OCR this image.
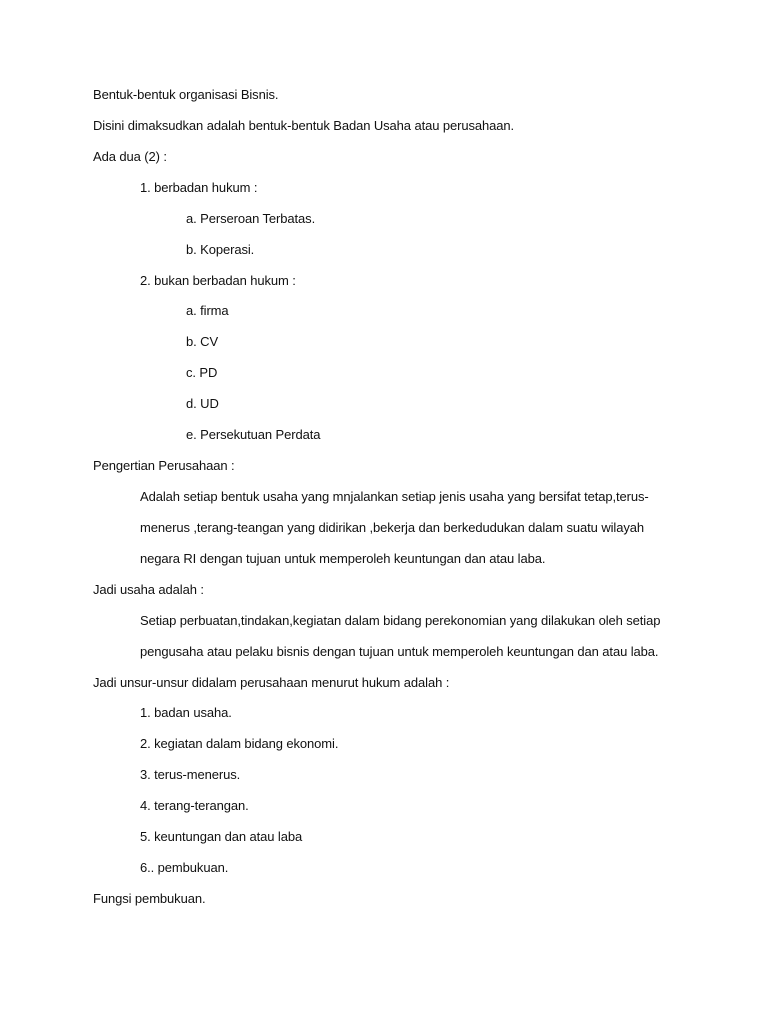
Bentuk-bentuk organisasi Bisnis.
Disini dimaksudkan adalah bentuk-bentuk Badan Usaha atau perusahaan.
Ada dua (2) :
1. berbadan hukum :
a. Perseroan Terbatas.
b. Koperasi.
2. bukan berbadan hukum :
a. firma
b. CV
c. PD
d. UD
e. Persekutuan Perdata
Pengertian Perusahaan :
Adalah setiap bentuk usaha yang mnjalankan setiap jenis usaha yang bersifat tetap,terus-
menerus ,terang-teangan yang didirikan ,bekerja dan berkedudukan dalam suatu wilayah
negara RI dengan tujuan untuk memperoleh keuntungan dan atau laba.
Jadi usaha adalah :
Setiap perbuatan,tindakan,kegiatan dalam bidang perekonomian yang dilakukan oleh setiap
pengusaha atau pelaku bisnis dengan tujuan untuk memperoleh keuntungan dan atau laba.
Jadi unsur-unsur didalam perusahaan menurut hukum adalah :
1. badan usaha.
2. kegiatan dalam bidang ekonomi.
3. terus-menerus.
4. terang-terangan.
5. keuntungan dan atau laba
6.. pembukuan.
Fungsi pembukuan.
